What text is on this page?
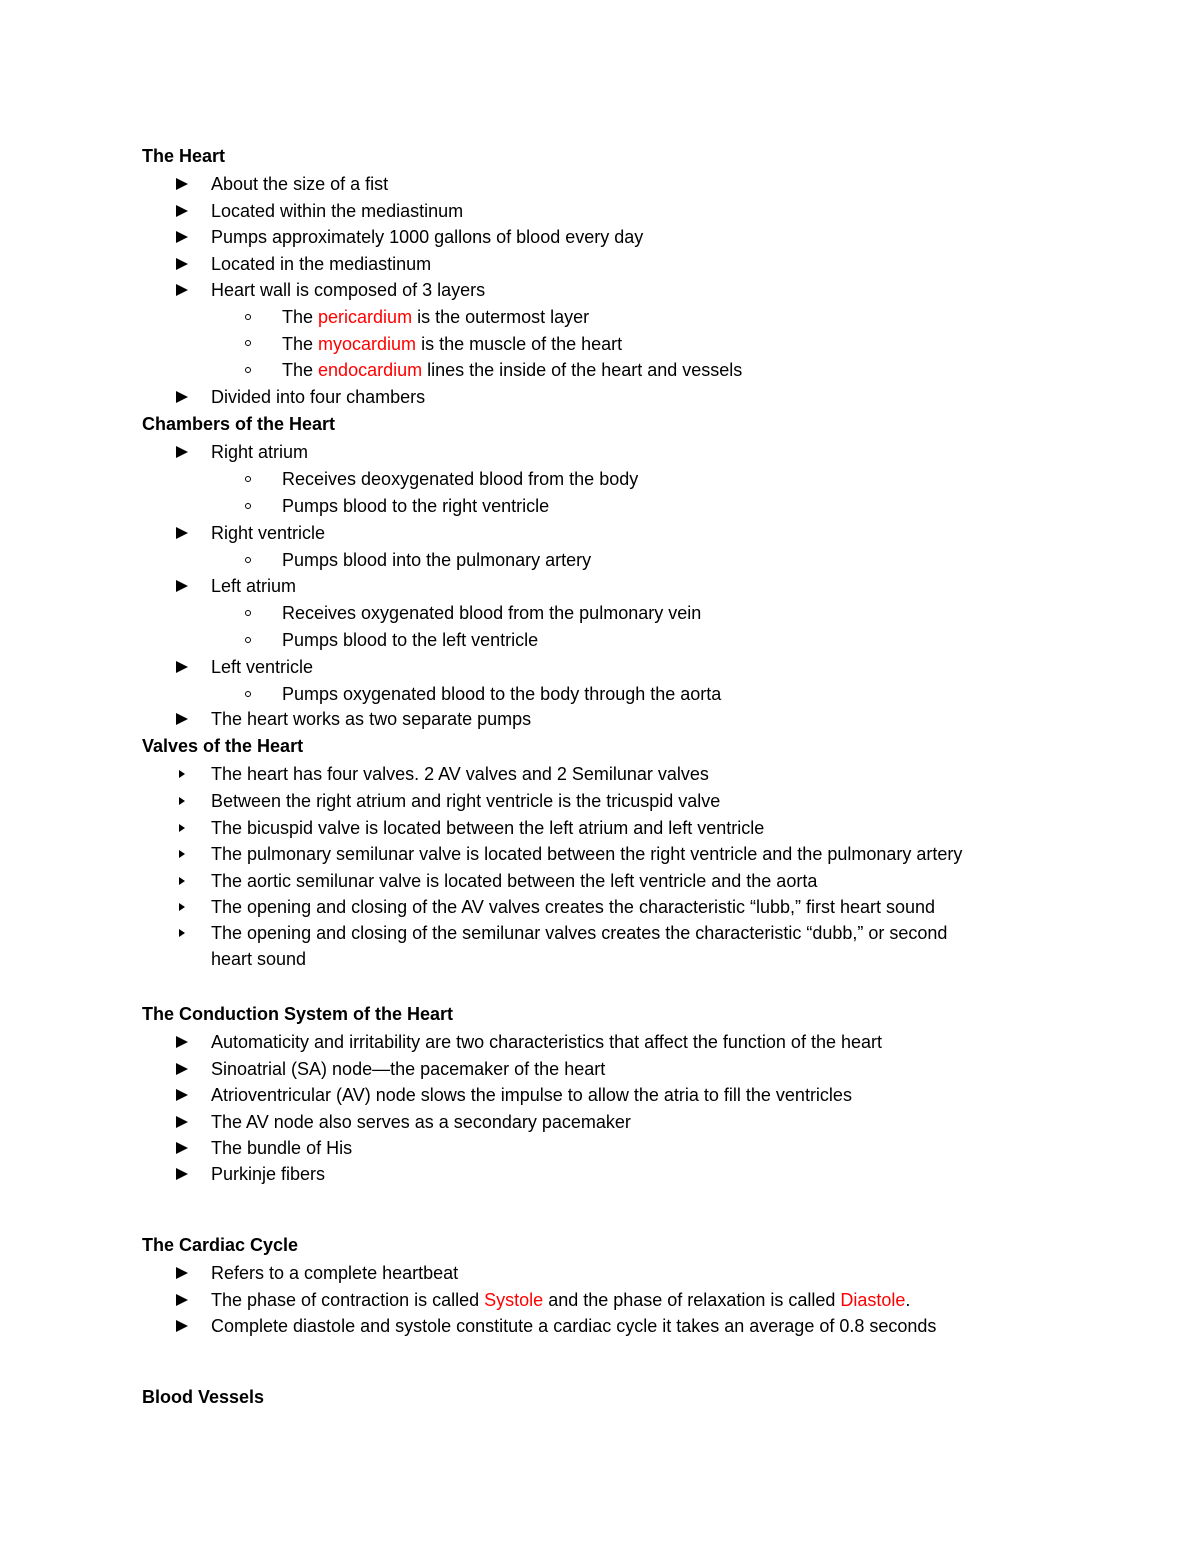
The Heart
About the size of a fist
Located within the mediastinum
Pumps approximately 1000 gallons of blood every day
Located in the mediastinum
Heart wall is composed of 3 layers
The pericardium is the outermost layer
The myocardium is the muscle of the heart
The endocardium lines the inside of the heart and vessels
Divided into four chambers
Chambers of the Heart
Right atrium
Receives deoxygenated blood from the body
Pumps blood to the right ventricle
Right ventricle
Pumps blood into the pulmonary artery
Left atrium
Receives oxygenated blood from the pulmonary vein
Pumps blood to the left ventricle
Left ventricle
Pumps oxygenated blood to the body through the aorta
The heart works as two separate pumps
Valves of the Heart
The heart has four valves. 2 AV valves and 2 Semilunar valves
Between the right atrium and right ventricle is the tricuspid valve
The bicuspid valve is located between the left atrium and left ventricle
The pulmonary semilunar valve is located between the right ventricle and the pulmonary artery
The aortic semilunar valve is located between the left ventricle and the aorta
The opening and closing of the AV valves creates the characteristic “lubb,” first heart sound
The opening and closing of the semilunar valves creates the characteristic “dubb,” or second
heart sound
The Conduction System of the Heart
Automaticity and irritability are two characteristics that affect the function of the heart
Sinoatrial (SA) node—the pacemaker of the heart
Atrioventricular (AV) node slows the impulse to allow the atria to fill the ventricles
The AV node also serves as a secondary pacemaker
The bundle of His
Purkinje fibers
The Cardiac Cycle
Refers to a complete heartbeat
The phase of contraction is called Systole and the phase of relaxation is called Diastole.
Complete diastole and systole constitute a cardiac cycle it takes an average of 0.8 seconds
Blood Vessels
